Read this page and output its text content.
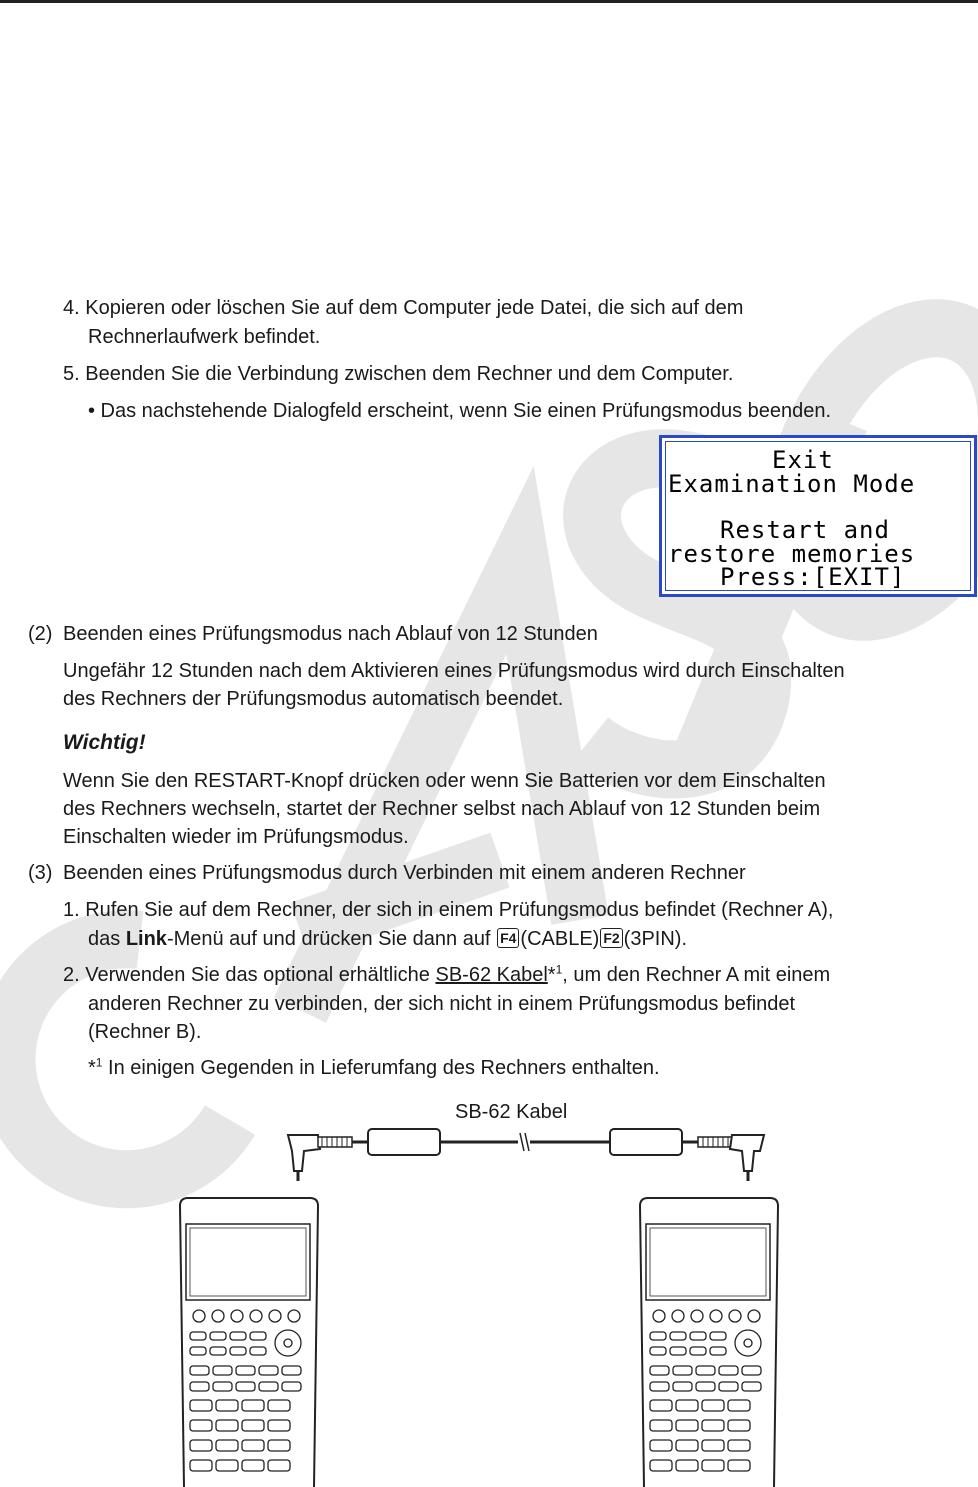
4. Kopieren oder löschen Sie auf dem Computer jede Datei, die sich auf dem
Rechnerlaufwerk befindet.
5. Beenden Sie die Verbindung zwischen dem Rechner und dem Computer.
• Das nachstehende Dialogfeld erscheint, wenn Sie einen Prüfungsmodus beenden.
Exit
Examination Mode
Restart and
restore memories
Press:[EXIT]
(2) Beenden eines Prüfungsmodus nach Ablauf von 12 Stunden
Ungefähr 12 Stunden nach dem Aktivieren eines Prüfungsmodus wird durch Einschalten
des Rechners der Prüfungsmodus automatisch beendet.
Wichtig!
Wenn Sie den RESTART-Knopf drücken oder wenn Sie Batterien vor dem Einschalten
des Rechners wechseln, startet der Rechner selbst nach Ablauf von 12 Stunden beim
Einschalten wieder im Prüfungsmodus.
(3) Beenden eines Prüfungsmodus durch Verbinden mit einem anderen Rechner
1. Rufen Sie auf dem Rechner, der sich in einem Prüfungsmodus befindet (Rechner A),
das Link-Menü auf und drücken Sie dann auf F4 (CABLE) F2 (3PIN).
2. Verwenden Sie das optional erhältliche SB-62 Kabel*$^1$, um den Rechner A mit einem
anderen Rechner zu verbinden, der sich nicht in einem Prüfungsmodus befindet
(Rechner B).
*$^1$ In einigen Gegenden in Lieferumfang des Rechners enthalten.
SB-62 Kabel
